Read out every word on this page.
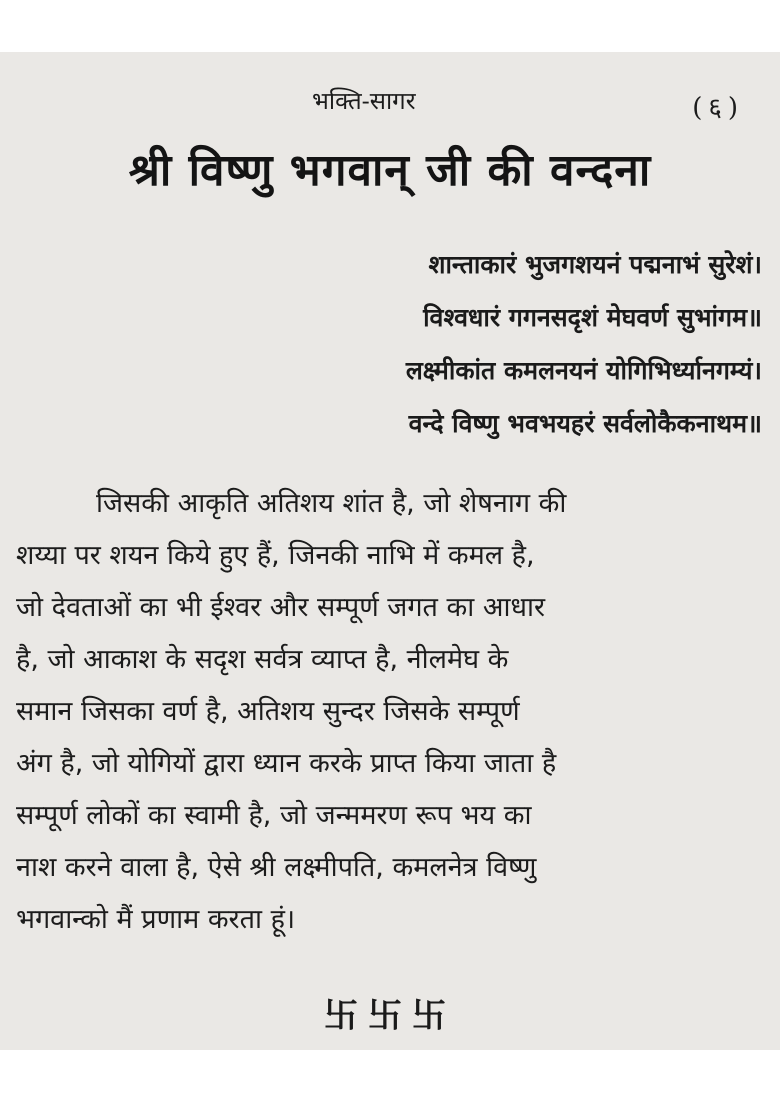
भक्ति-सागर	(६)
श्री विष्णु भगवान् जी की वन्दना
शान्ताकारं भुजगशयनं पद्मनाभं सुरेशं।
विश्वधारं गगनसदृशं मेघवर्ण सुभांगम॥
लक्ष्मीकांत कमलनयनं योगिभिर्ध्यानगम्यं।
वन्दे विष्णु भवभयहरं सर्वलोकैकनाथम॥
जिसकी आकृति अतिशय शांत है, जो शेषनाग की
शय्या पर शयन किये हुए हैं, जिनकी नाभि में कमल है,
जो देवताओं का भी ईश्वर और सम्पूर्ण जगत का आधार
है, जो आकाश के सदृश सर्वत्र व्याप्त है, नीलमेघ के
समान जिसका वर्ण है, अतिशय सुन्दर जिसके सम्पूर्ण
अंग है, जो योगियों द्वारा ध्यान करके प्राप्त किया जाता है
सम्पूर्ण लोकों का स्वामी है, जो जन्ममरण रूप भय का
नाश करने वाला है, ऐसे श्री लक्ष्मीपति, कमलनेत्र विष्णु
भगवान्को मैं प्रणाम करता हूं।
卐卐卐
